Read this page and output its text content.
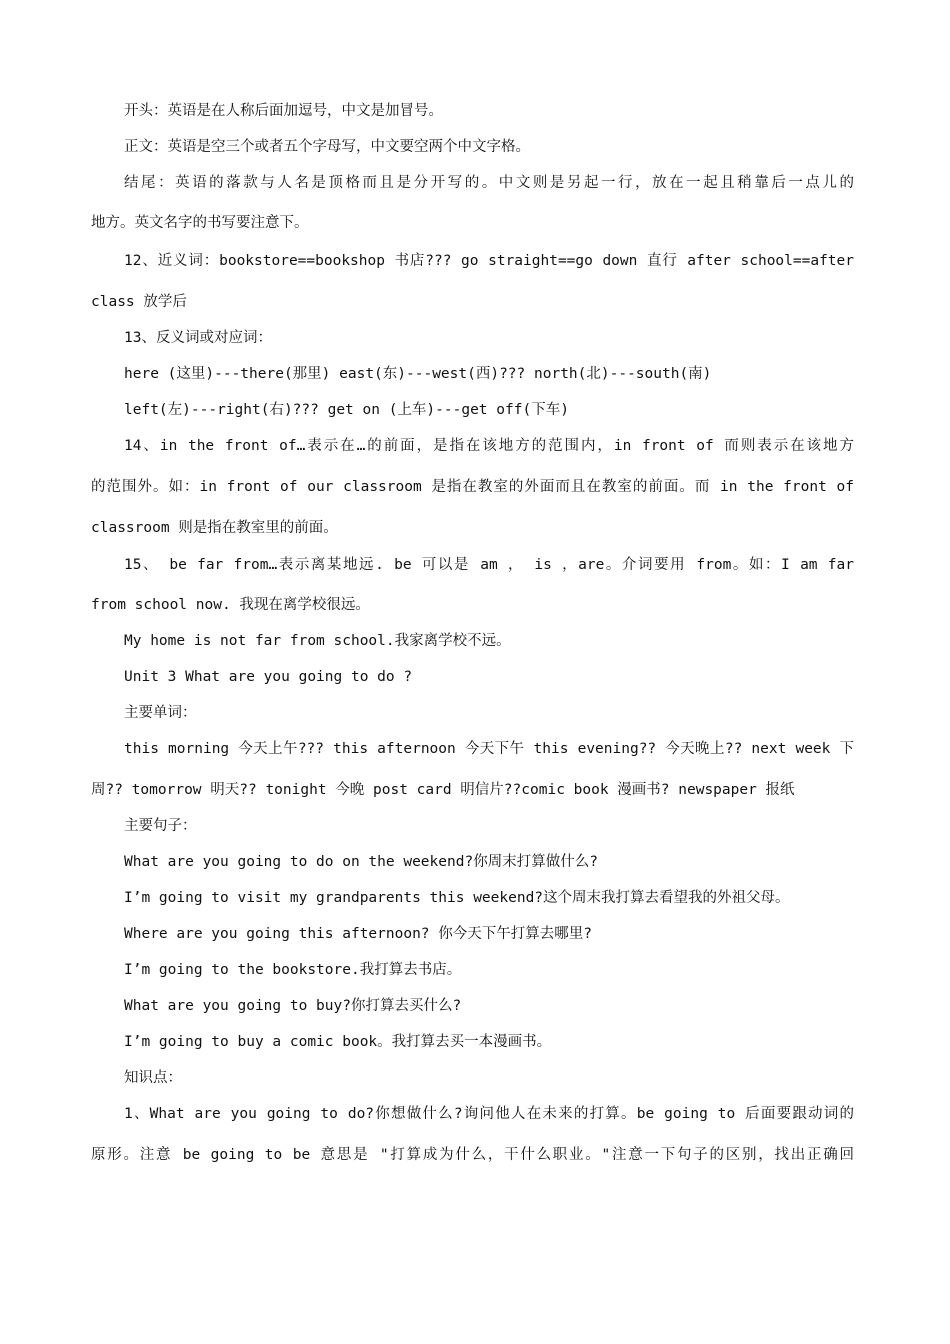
开头：英语是在人称后面加逗号，中文是加冒号。

正文：英语是空三个或者五个字母写，中文要空两个中文字格。

结尾：英语的落款与人名是顶格而且是分开写的。中文则是另起一行，放在一起且稍靠后一点儿的

地方。英文名字的书写要注意下。

12、近义词：bookstore==bookshop 书店??? go straight==go down 直行 after school==after

class 放学后

13、反义词或对应词：

here (这里)---there(那里) east(东)---west(西)??? north(北)---south(南)

left(左)---right(右)??? get on (上车)---get off(下车)

14、in the front of…表示在…的前面，是指在该地方的范围内，in front of 而则表示在该地方

的范围外。如：in front of our classroom 是指在教室的外面而且在教室的前面。而 in the front of

classroom 则是指在教室里的前面。

15、 be far from…表示离某地远. be 可以是 am ， is ，are。介词要用 from。如：I am far

from school now. 我现在离学校很远。

My home is not far from school.我家离学校不远。

Unit 3 What are you going to do ?

主要单词：

this morning 今天上午??? this afternoon 今天下午 this evening?? 今天晚上?? next week 下

周?? tomorrow 明天?? tonight 今晚 post card 明信片??comic book 漫画书? newspaper 报纸

主要句子：

What are you going to do on the weekend?你周末打算做什么?

I’m going to visit my grandparents this weekend?这个周末我打算去看望我的外祖父母。

Where are you going this afternoon? 你今天下午打算去哪里?

I’m going to the bookstore.我打算去书店。

What are you going to buy?你打算去买什么?

I’m going to buy a comic book。我打算去买一本漫画书。

知识点：

1、What are you going to do?你想做什么?询问他人在未来的打算。be going to 后面要跟动词的

原形。注意 be going to be 意思是 "打算成为什么，干什么职业。"注意一下句子的区别，找出正确回
